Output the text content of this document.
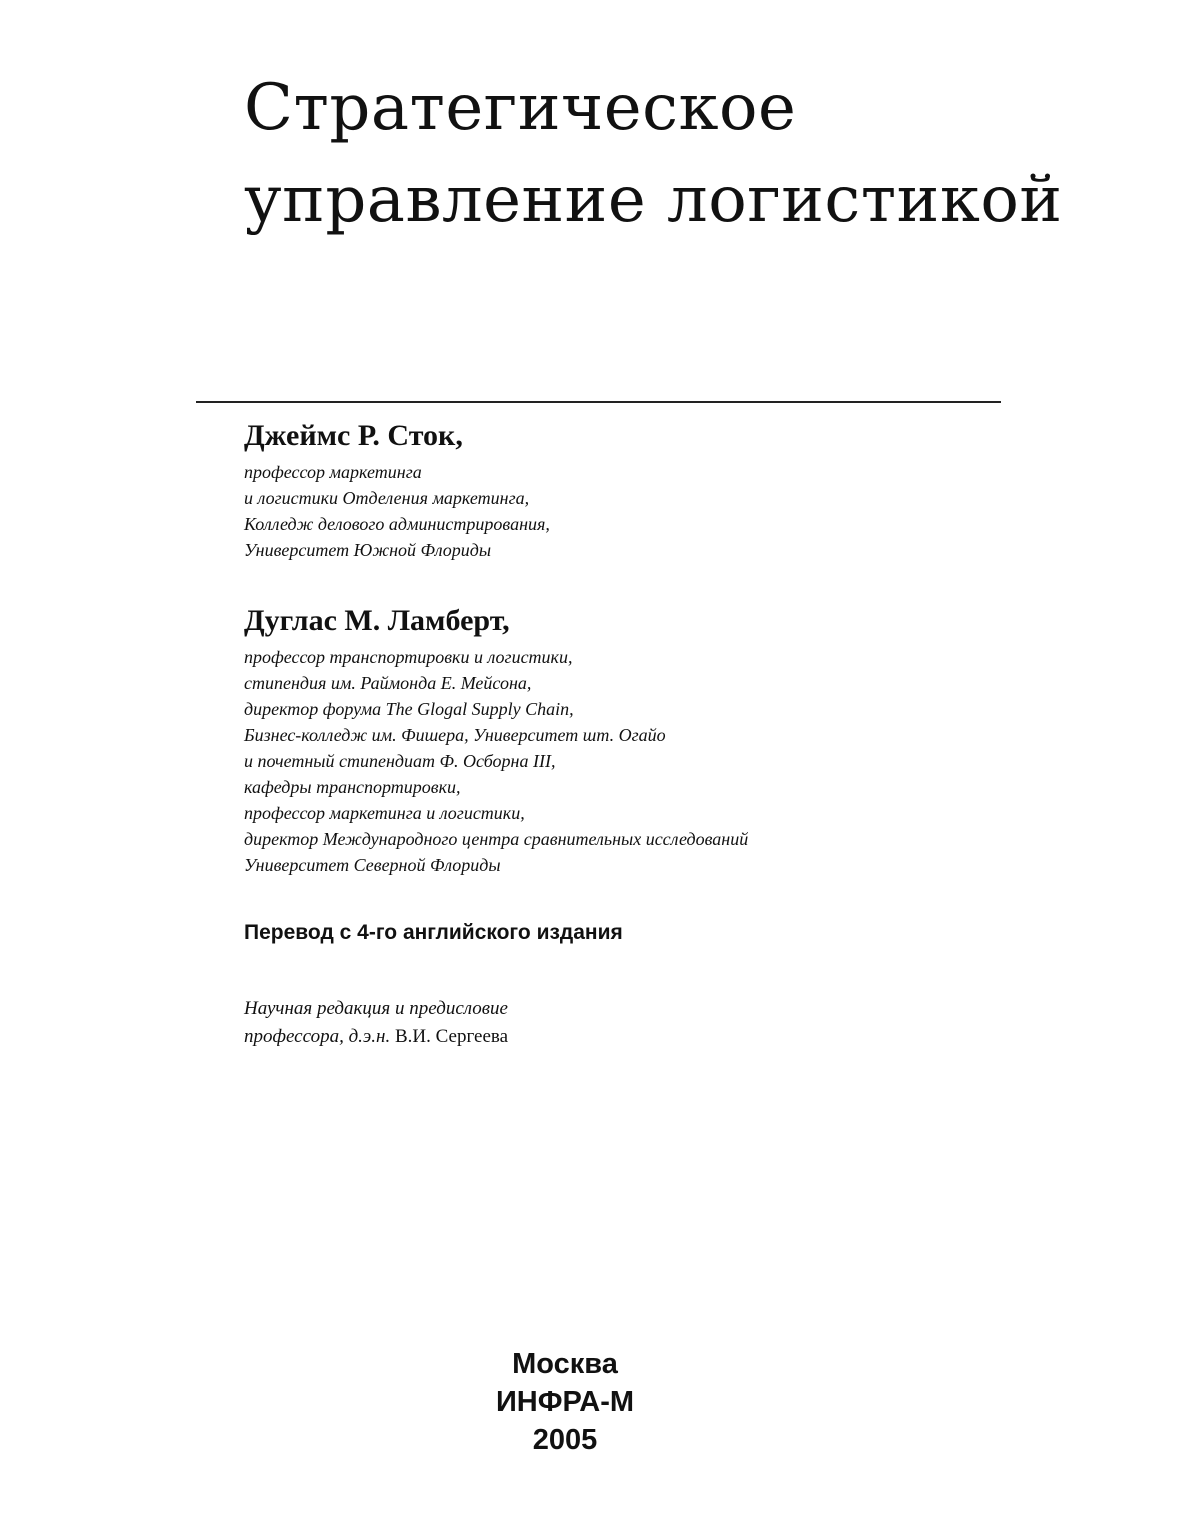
Стратегическое
управление логистикой

Джеймс Р. Сток,

профессор маркетинга
и логистики Отделения маркетинга,
Колледж делового администрирования,
Университет Южной Флориды

Дуглас М. Ламберт,

профессор транспортировки и логистики,
стипендия им. Раймонда Е. Мейсона,
директор форума The Glogal Supply Chain,
Бизнес-колледж им. Фишера, Университет шт. Огайо
и почетный стипендиат Ф. Осборна III,
кафедры транспортировки,
профессор маркетинга и логистики,
директор Международного центра сравнительных исследований
Университет Северной Флориды

Перевод с 4-го английского издания

Научная редакция и предисловие
профессора, д.э.н. В.И. Сергеева

Москва
ИНФРА-М
2005
